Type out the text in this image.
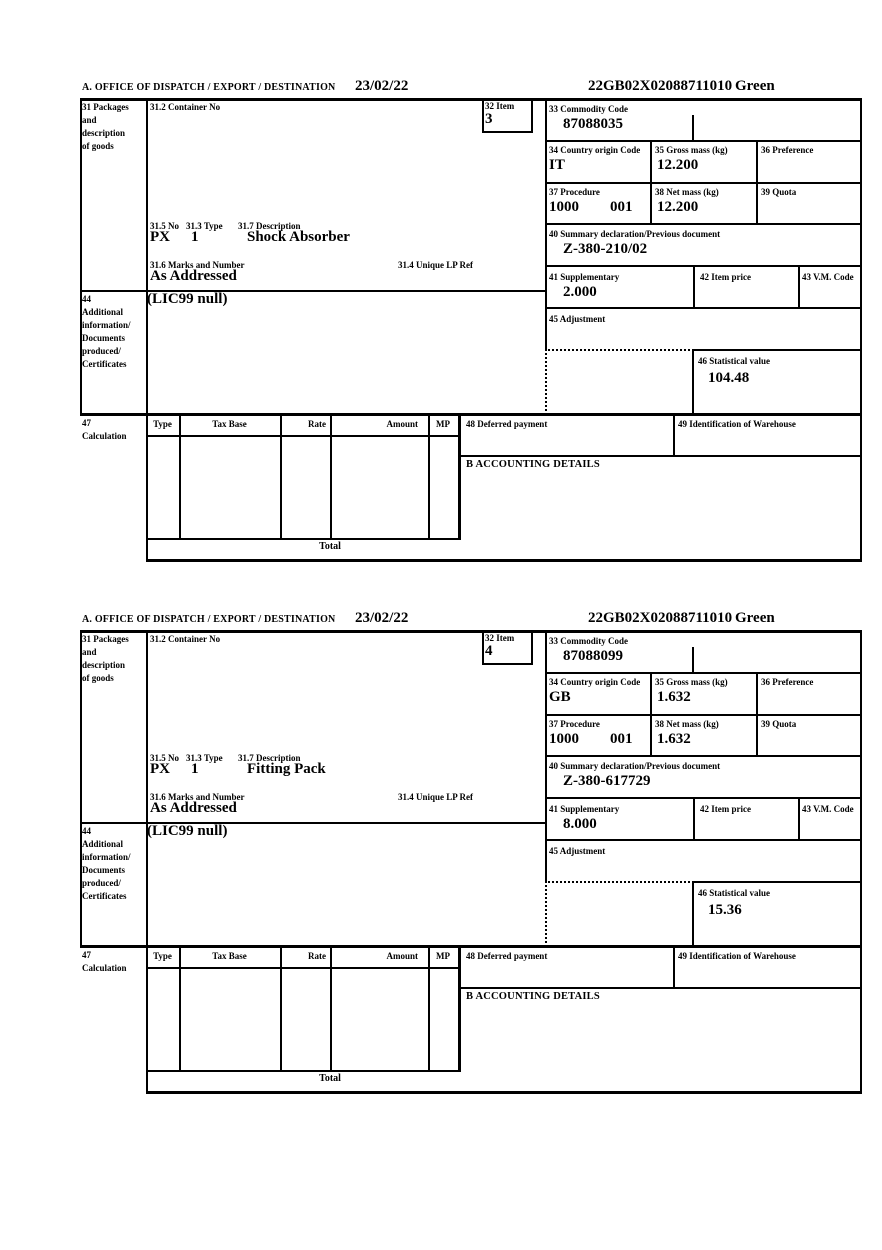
A. OFFICE OF DISPATCH / EXPORT / DESTINATION 23/02/22	22GB02X02088711010 Green
31 Packages
and
description
of goods
44
Additional
information/
Documents
produced/
Certificates
47
Calculation
31.2 Container No	32 Item
3
31.5 No 31.3 Type 31.7 Description
PX 1	Shock Absorber
31.6 Marks and Number	31.4 Unique LP Ref
As Addressed
(LIC99 null)
33 Commodity Code
87088035
34 Country origin Code
IT
35 Gross mass (kg)
12.200
36 Preference
37 Procedure
1000 001
38 Net mass (kg)
12.200
39 Quota
40 Summary declaration/Previous document
Z-380-210/02
41 Supplementary
2.000
42 Item price	43 V.M. Code
45 Adjustment
46 Statistical value
104.48
Type	Tax Base	Rate	Amount	MP	48 Deferred payment	49 Identification of Warehouse
B ACCOUNTING DETAILS
Total
A. OFFICE OF DISPATCH / EXPORT / DESTINATION 23/02/22	22GB02X02088711010 Green
31 Packages
and
description
of goods
44
Additional
information/
Documents
produced/
Certificates
47
Calculation
31.2 Container No	32 Item
4
31.5 No 31.3 Type 31.7 Description
PX 1	Fitting Pack
31.6 Marks and Number	31.4 Unique LP Ref
As Addressed
(LIC99 null)
33 Commodity Code
87088099
34 Country origin Code
GB
35 Gross mass (kg)
1.632
36 Preference
37 Procedure
1000 001
38 Net mass (kg)
1.632
39 Quota
40 Summary declaration/Previous document
Z-380-617729
41 Supplementary
8.000
42 Item price	43 V.M. Code
45 Adjustment
46 Statistical value
15.36
Type	Tax Base	Rate	Amount	MP	48 Deferred payment	49 Identification of Warehouse
B ACCOUNTING DETAILS
Total
